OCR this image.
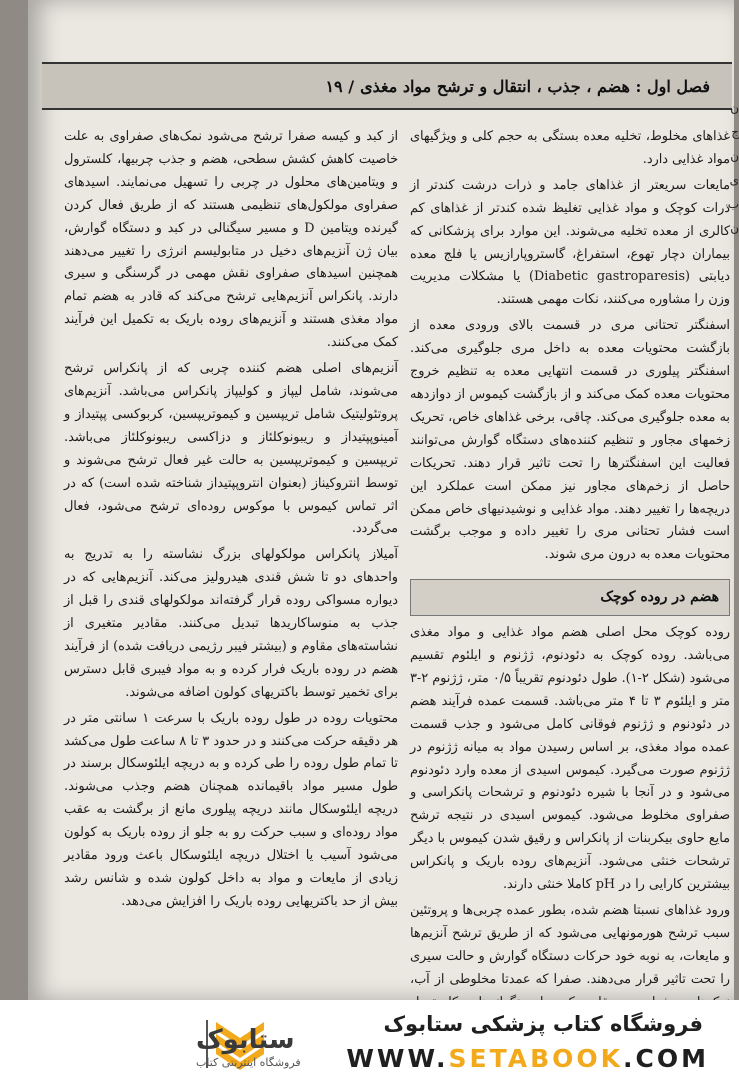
فصل اول : هضم ، جذب ، انتقال و ترشح مواد مغذی
/ ۱۹

غذاهای مخلوط، تخلیه معده بستگی به حجم کلی و ویژگیهای مواد غذایی دارد.

مایعات سریعتر از غذاهای جامد و ذرات درشت کندتر از ذرات کوچک و مواد غذایی تغلیظ شده کندتر از غذاهای کم کالری از معده تخلیه می‌شوند. این موارد برای پزشکانی که بیماران دچار تهوع، استفراغ، گاستروپارازیس یا فلج معده دیابتی (Diabetic gastroparesis) یا مشکلات مدیریت وزن را مشاوره می‌کنند، نکات مهمی هستند.

اسفنگتر تحتانی مری در قسمت بالای ورودی معده از بازگشت محتویات معده به داخل مری جلوگیری می‌کند. اسفنگتر پیلوری در قسمت انتهایی معده به تنظیم خروج محتویات معده کمک می‌کند و از بازگشت کیموس از دوازدهه به معده جلوگیری می‌کند. چاقی، برخی غذاهای خاص، تحریک زخمهای مجاور و تنظیم کننده‌های دستگاه گوارش می‌توانند فعالیت این اسفنگترها را تحت تاثیر قرار دهند. تحریکات حاصل از زخم‌های مجاور نیز ممکن است عملکرد این دریچه‌ها را تغییر دهند. مواد غذایی و نوشیدنیهای خاص ممکن است فشار تحتانی مری را تغییر داده و موجب برگشت محتویات معده به درون مری شوند.

هضم در روده کوچک

روده کوچک محل اصلی هضم مواد غذایی و مواد مغذی می‌باشد. روده کوچک به دئودنوم، ژژنوم و ایلئوم تقسیم می‌شود (شکل ۲-۱). طول دئودنوم تقریباً ۰/۵ متر، ژژنوم ۲-۳ متر و ایلئوم ۳ تا ۴ متر می‌باشد. قسمت عمده فرآیند هضم در دئودنوم و ژژنوم فوقانی کامل می‌شود و جذب قسمت عمده مواد مغذی، بر اساس رسیدن مواد به میانه ژژنوم در ژژنوم صورت می‌گیرد. کیموس اسیدی از معده وارد دئودنوم می‌شود و در آنجا با شیره دئودنوم و ترشحات پانکراسی و صفراوی مخلوط می‌شود. کیموس اسیدی در نتیجه ترشح مایع حاوی بیکربنات از پانکراس و رقیق شدن کیموس با دیگر ترشحات خنثی می‌شود. آنزیم‌های روده باریک و پانکراس بیشترین کارایی را در pH کاملا خنثی دارند.

ورود غذاهای نسبتا هضم شده، بطور عمده چربی‌ها و پروتئین سبب ترشح هورمونهایی می‌شود که از طریق ترشح آنزیم‌ها و مایعات، به نوبه خود حرکات دستگاه گوارش و حالت سیری را تحت تاثیر قرار می‌دهند. صفرا که عمدتا مخلوطی از آب،

از کبد و کیسه صفرا ترشح می‌شود نمک‌های صفراوی به علت خاصیت کاهش کشش سطحی، هضم و جذب چربیها، کلسترول و ویتامین‌های محلول در چربی را تسهیل می‌نمایند. اسیدهای صفراوی مولکول‌های تنظیمی هستند که از طریق فعال کردن گیرنده ویتامین D و مسیر سیگنالی در کبد و دستگاه گوارش، بیان ژن آنزیم‌های دخیل در متابولیسم انرژی را تغییر می‌دهند همچنین اسیدهای صفراوی نقش مهمی در گرسنگی و سیری دارند. پانکراس آنزیم‌هایی ترشح می‌کند که قادر به هضم تمام مواد مغذی هستند و آنزیم‌های روده باریک به تکمیل این فرآیند کمک می‌کنند.

آنزیم‌های اصلی هضم کننده چربی که از پانکراس ترشح می‌شوند، شامل لیپاز و کولیپاز پانکراس می‌باشد. آنزیم‌های پروتئولیتیک شامل تریپسین و کیموتریپسین، کربوکسی پپتیداز و آمینوپپتیداز و ریبونوکلئاز و دزاکسی ریبونوکلئاز می‌باشد. تریپسین و کیموتریپسین به حالت غیر فعال ترشح می‌شوند و توسط انتروکیناز (بعنوان انتروپپتیداز شناخته شده است) که در اثر تماس کیموس با موکوس روده‌ای ترشح می‌شود، فعال می‌گردد.

آمیلاز پانکراس مولکولهای بزرگ نشاسته را به تدریج به واحدهای دو تا شش قندی هیدرولیز می‌کند. آنزیم‌هایی که در دیواره مسواکی روده قرار گرفته‌اند مولکولهای قندی را قبل از جذب به منوساکاریدها تبدیل می‌کنند. مقادیر متغیری از نشاسته‌های مقاوم و (بیشتر فیبر رژیمی دریافت شده) از فرآیند هضم در روده باریک فرار کرده و به مواد فیبری قابل دسترس برای تخمیر توسط باکتریهای کولون اضافه می‌شوند.

محتویات روده در طول روده باریک با سرعت ۱ سانتی متر در هر دقیقه حرکت می‌کنند و در حدود ۳ تا ۸ ساعت طول می‌کشد تا تمام طول روده را طی کرده و به دریچه ایلئوسکال برسند در طول مسیر مواد باقیمانده همچنان هضم وجذب می‌شوند. دریچه ایلئوسکال مانند دریچه پیلوری مانع از برگشت به عقب مواد روده‌ای و سبب حرکت رو به جلو از روده باریک به کولون می‌شود آسیب یا اختلال دریچه ایلئوسکال باعث ورود مقادیر زیادی از مایعات و مواد به داخل کولون شده و شانس رشد بیش از حد باکتریهایی روده باریک را افزایش می‌دهد.

ن
ج
ن
ی
ب
ن
ستابوک
فروشگاه اینترنتی کتاب
فروشگاه کتاب پزشکی ستابوک
WWW.SETABOOK.COM
